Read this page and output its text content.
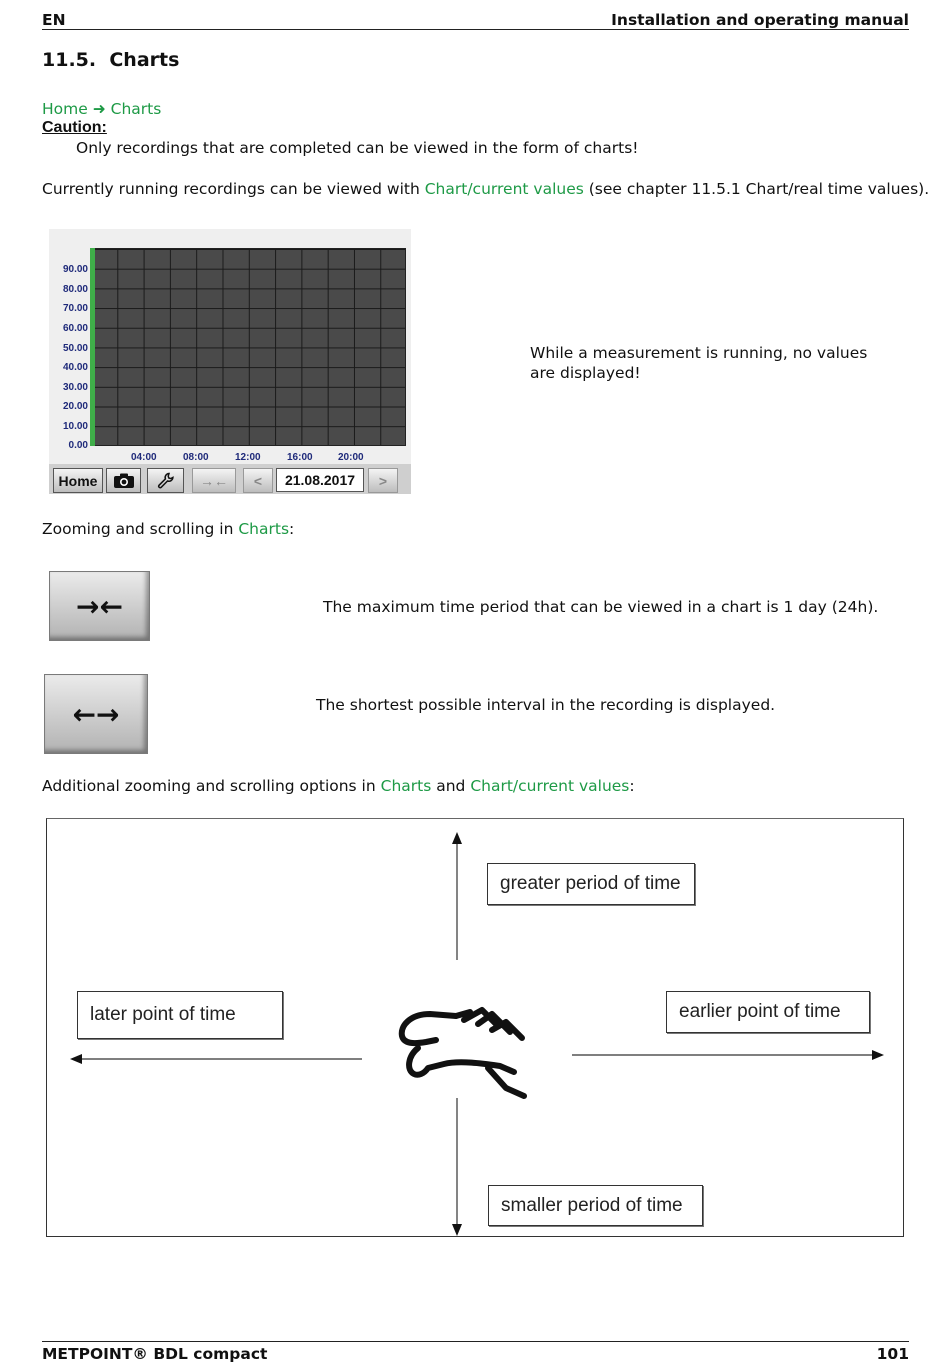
EN	Installation and operating manual
11.5. Charts
Home ➜ Charts
Caution:
Only recordings that are completed can be viewed in the form of charts!
Currently running recordings can be viewed with Chart/current values (see chapter 11.5.1 Chart/real time values).
90.00
80.00
70.00
60.00
50.00
40.00
30.00
20.00
10.00
0.00
04:00	08:00	12:00	16:00	20:00
Home	→←	<	21.08.2017	>
While a measurement is running, no values are displayed!
Zooming and scrolling in Charts:
→←	The maximum time period that can be viewed in a chart is 1 day (24h).
←→	The shortest possible interval in the recording is displayed.
Additional zooming and scrolling options in Charts and Chart/current values:
greater period of time
later point of time	earlier point of time
smaller period of time
METPOINT® BDL compact	101
